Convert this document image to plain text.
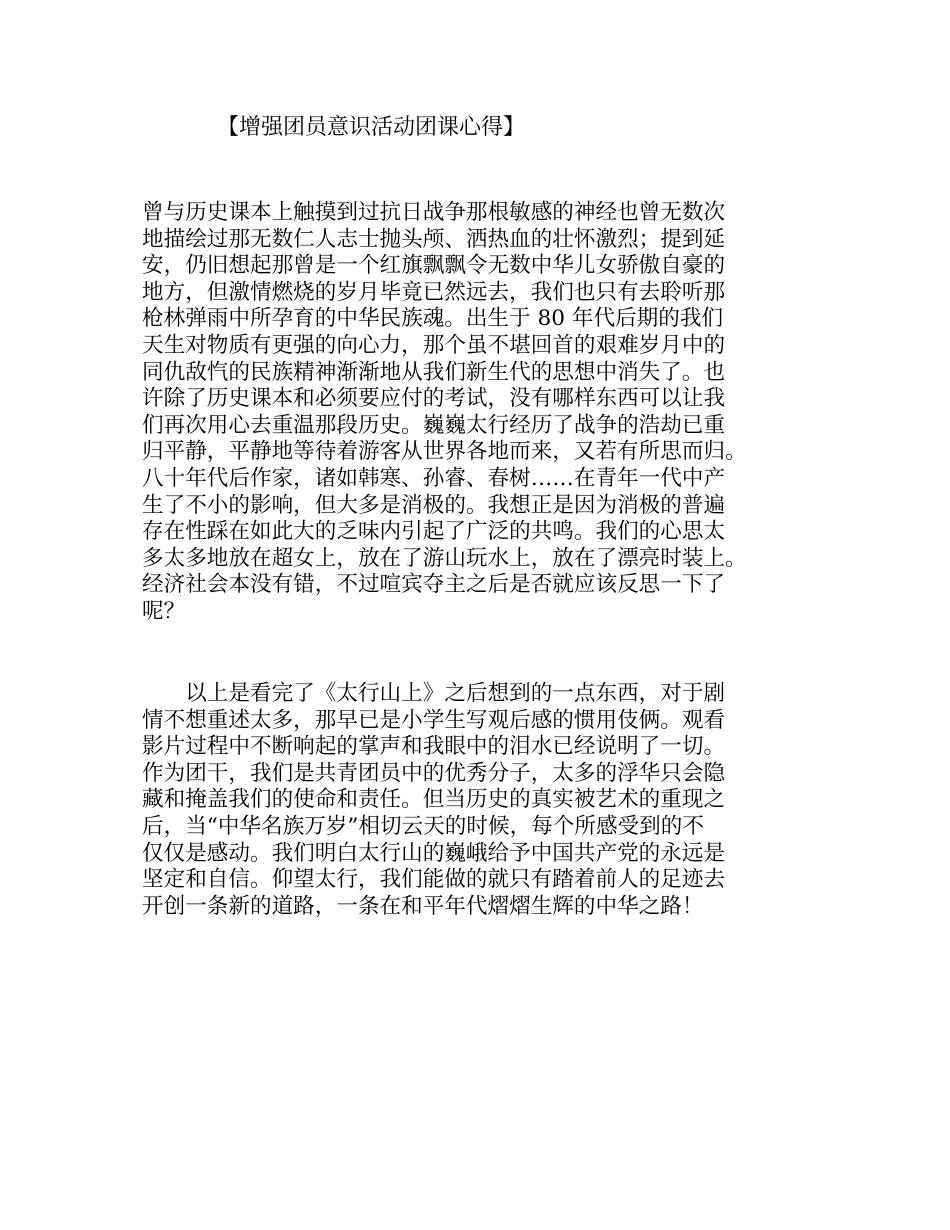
【增强团员意识活动团课心得】
曾与历史课本上触摸到过抗日战争那根敏感的神经也曾无数次
地描绘过那无数仁人志士抛头颅、洒热血的壮怀激烈；提到延
安，仍旧想起那曾是一个红旗飘飘令无数中华儿女骄傲自豪的
地方，但激情燃烧的岁月毕竟已然远去，我们也只有去聆听那
枪林弹雨中所孕育的中华民族魂。出生于 80 年代后期的我们
天生对物质有更强的向心力，那个虽不堪回首的艰难岁月中的
同仇敌忾的民族精神渐渐地从我们新生代的思想中消失了。也
许除了历史课本和必须要应付的考试，没有哪样东西可以让我
们再次用心去重温那段历史。巍巍太行经历了战争的浩劫已重
归平静，平静地等待着游客从世界各地而来，又若有所思而归。
八十年代后作家，诸如韩寒、孙睿、春树……在青年一代中产
生了不小的影响，但大多是消极的。我想正是因为消极的普遍
存在性踩在如此大的乏味内引起了广泛的共鸣。我们的心思太
多太多地放在超女上，放在了游山玩水上，放在了漂亮时装上。
经济社会本没有错，不过喧宾夺主之后是否就应该反思一下了
呢？
　　以上是看完了《太行山上》之后想到的一点东西，对于剧
情不想重述太多，那早已是小学生写观后感的惯用伎俩。观看
影片过程中不断响起的掌声和我眼中的泪水已经说明了一切。
作为团干，我们是共青团员中的优秀分子，太多的浮华只会隐
藏和掩盖我们的使命和责任。但当历史的真实被艺术的重现之
后，当“中华名族万岁”相切云天的时候，每个所感受到的不
仅仅是感动。我们明白太行山的巍峨给予中国共产党的永远是
坚定和自信。仰望太行，我们能做的就只有踏着前人的足迹去
开创一条新的道路，一条在和平年代熠熠生辉的中华之路！
